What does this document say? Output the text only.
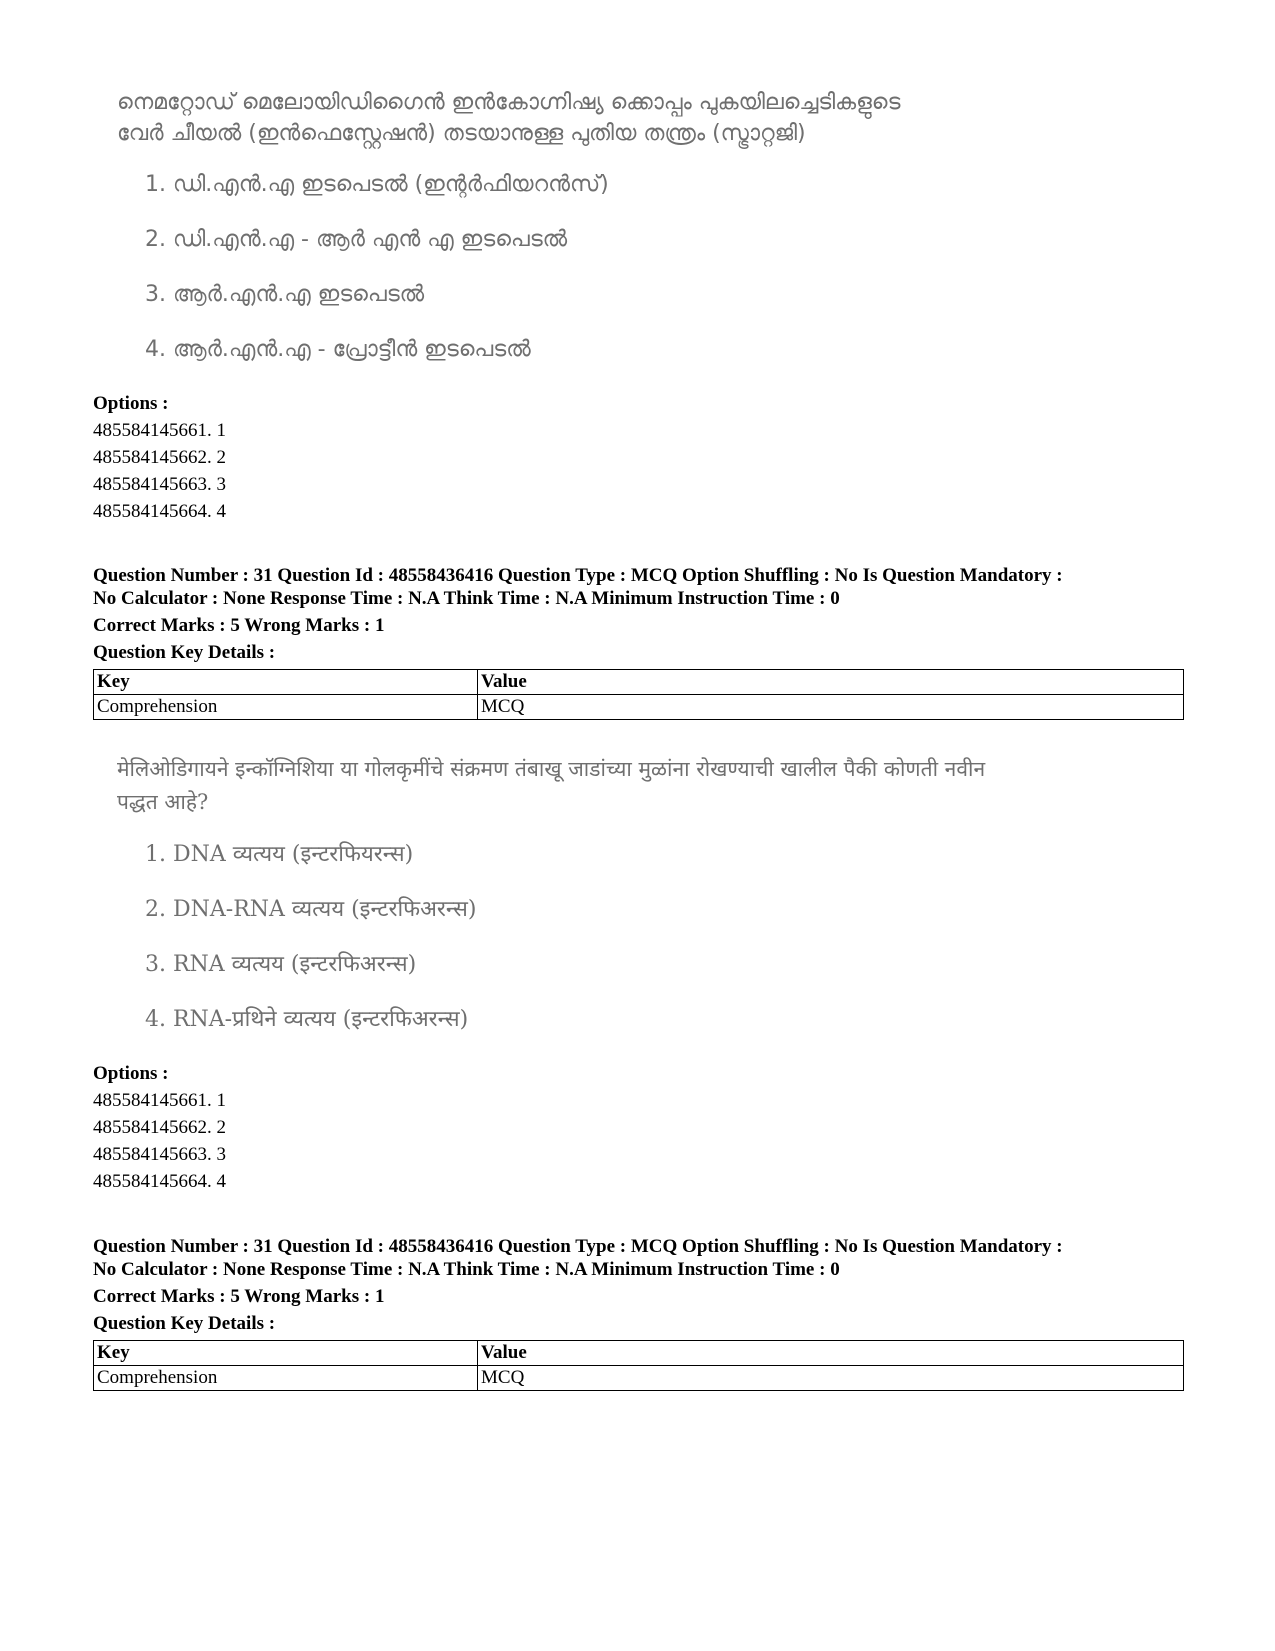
നെമറ്റോഡ് മെലോയിഡിഗൈൻ ഇൻകോഗ്നിഷ്യ ക്കൊപ്പം പുകയിലച്ചെടികളുടെ
വേർ ചീയൽ (ഇൻഫെസ്റ്റേഷൻ) തടയാനുള്ള പുതിയ തന്ത്രം (സ്ട്രാറ്റജി)
1. ഡി.എൻ.എ ഇടപെടൽ (ഇന്റർഫിയറൻസ്)
2. ഡി.എൻ.എ - ആർ എൻ എ ഇടപെടൽ
3. ആർ.എൻ.എ ഇടപെടൽ
4. ആർ.എൻ.എ - പ്രോട്ടീൻ ഇടപെടൽ
Options :
485584145661. 1
485584145662. 2
485584145663. 3
485584145664. 4
Question Number : 31 Question Id : 48558436416 Question Type : MCQ Option Shuffling : No Is Question Mandatory :
No Calculator : None Response Time : N.A Think Time : N.A Minimum Instruction Time : 0
Correct Marks : 5 Wrong Marks : 1
Question Key Details :
Key	Value
Comprehension	MCQ
मेलिओडिगायने इन्कॉग्निशिया या गोलकृमींचे संक्रमण तंबाखू जाडांच्या मुळांना रोखण्याची खालील पैकी कोणती नवीन
पद्धत आहे?
1. DNA व्यत्यय (इन्टरफियरन्स)
2. DNA-RNA व्यत्यय (इन्टरफिअरन्स)
3. RNA व्यत्यय (इन्टरफिअरन्स)
4. RNA-प्रथिने व्यत्यय (इन्टरफिअरन्स)
Options :
485584145661. 1
485584145662. 2
485584145663. 3
485584145664. 4
Question Number : 31 Question Id : 48558436416 Question Type : MCQ Option Shuffling : No Is Question Mandatory :
No Calculator : None Response Time : N.A Think Time : N.A Minimum Instruction Time : 0
Correct Marks : 5 Wrong Marks : 1
Question Key Details :
Key	Value
Comprehension	MCQ
